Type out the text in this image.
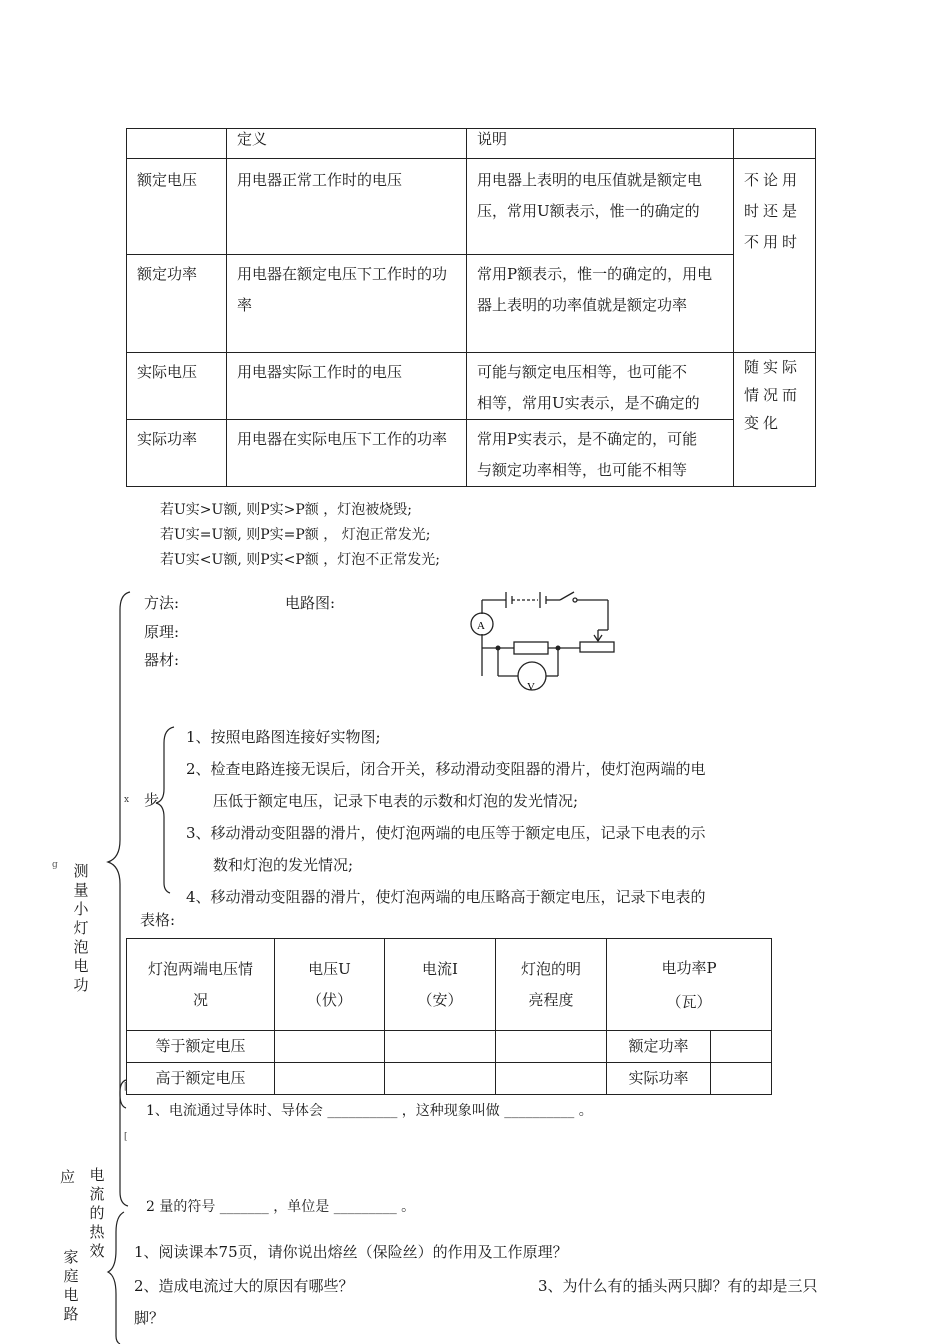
	定义	说明	
额定电压	用电器正常工作时的电压	用电器上表明的电压值就是额定电压，常用U额表示，惟一的确定的	不论用时还是不用时
额定功率	用电器在额定电压下工作时的功率	常用P额表示，惟一的确定的，用电器上表明的功率值就是额定功率	
实际电压	用电器实际工作时的电压	可能与额定电压相等，也可能不
相等，常用U实表示，是不确定的	随实际情况而变化
实际功率	用电器在实际电压下工作的功率	常用P实表示，是不确定的，可能
与额定功率相等，也可能不相等	
若U实>U额, 则P实>P额 ，灯泡被烧毁;
若U实=U额, 则P实=P额 ， 灯泡正常发光;
若U实<U额, 则P实<P额 ，灯泡不正常发光;
测量小灯泡电功
g
方法:	电路图:
原理:
器材:
A
V
x 步
1、按照电路图连接好实物图;
2、检查电路连接无误后，闭合开关，移动滑动变阻器的滑片，使灯泡两端的电
压低于额定电压，记录下电表的示数和灯泡的发光情况;
3、移动滑动变阻器的滑片，使灯泡两端的电压等于额定电压，记录下电表的示
数和灯泡的发光情况;
4、移动滑动变阻器的滑片，使灯泡两端的电压略高于额定电压，记录下电表的
表格:
灯泡两端电压情况	电压U（伏）	电流I（安）	灯泡的明亮程度	电功率P（瓦）	
等于额定电压				额定功率	
高于额定电压				实际功率	
[
[
电流的热效
应
1、电流通过导体时、导体会 __________ ，这种现象叫做 __________ 。
2 量的符号 _______ ，单位是 _________ 。
家庭电路
1、阅读课本75页，请你说出熔丝（保险丝）的作用及工作原理？
2、造成电流过大的原因有哪些？	3、为什么有的插头两只脚？有的却是三只
脚？
